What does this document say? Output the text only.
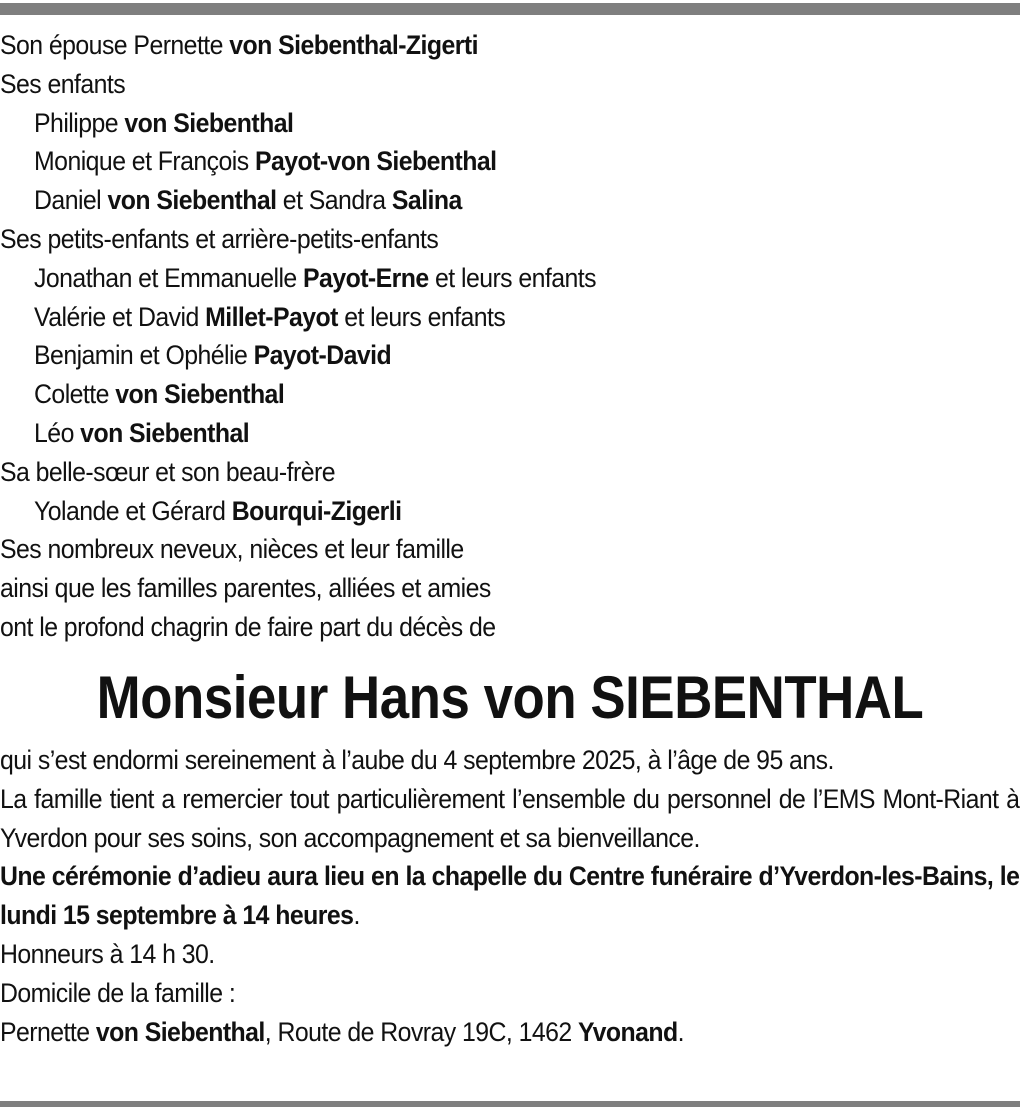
Son épouse Pernette von Siebenthal-Zigerti
Ses enfants
Philippe von Siebenthal
Monique et François Payot-von Siebenthal
Daniel von Siebenthal et Sandra Salina
Ses petits-enfants et arrière-petits-enfants
Jonathan et Emmanuelle Payot-Erne et leurs enfants
Valérie et David Millet-Payot et leurs enfants
Benjamin et Ophélie Payot-David
Colette von Siebenthal
Léo von Siebenthal
Sa belle-sœur et son beau-frère
Yolande et Gérard Bourqui-Zigerli
Ses nombreux neveux, nièces et leur famille
ainsi que les familles parentes, alliées et amies
ont le profond chagrin de faire part du décès de
Monsieur Hans von SIEBENTHAL
qui s’est endormi sereinement à l’aube du 4 septembre 2025, à l’âge de 95 ans.
La famille tient a remercier tout particulièrement l’ensemble du personnel de l’EMS Mont-Riant à Yverdon pour ses soins, son accompagnement et sa bienveillance.
Une cérémonie d’adieu aura lieu en la chapelle du Centre funéraire d’Yverdon-les-Bains, le lundi 15 septembre à 14 heures.
Honneurs à 14 h 30.
Domicile de la famille :
Pernette von Siebenthal, Route de Rovray 19C, 1462 Yvonand.
